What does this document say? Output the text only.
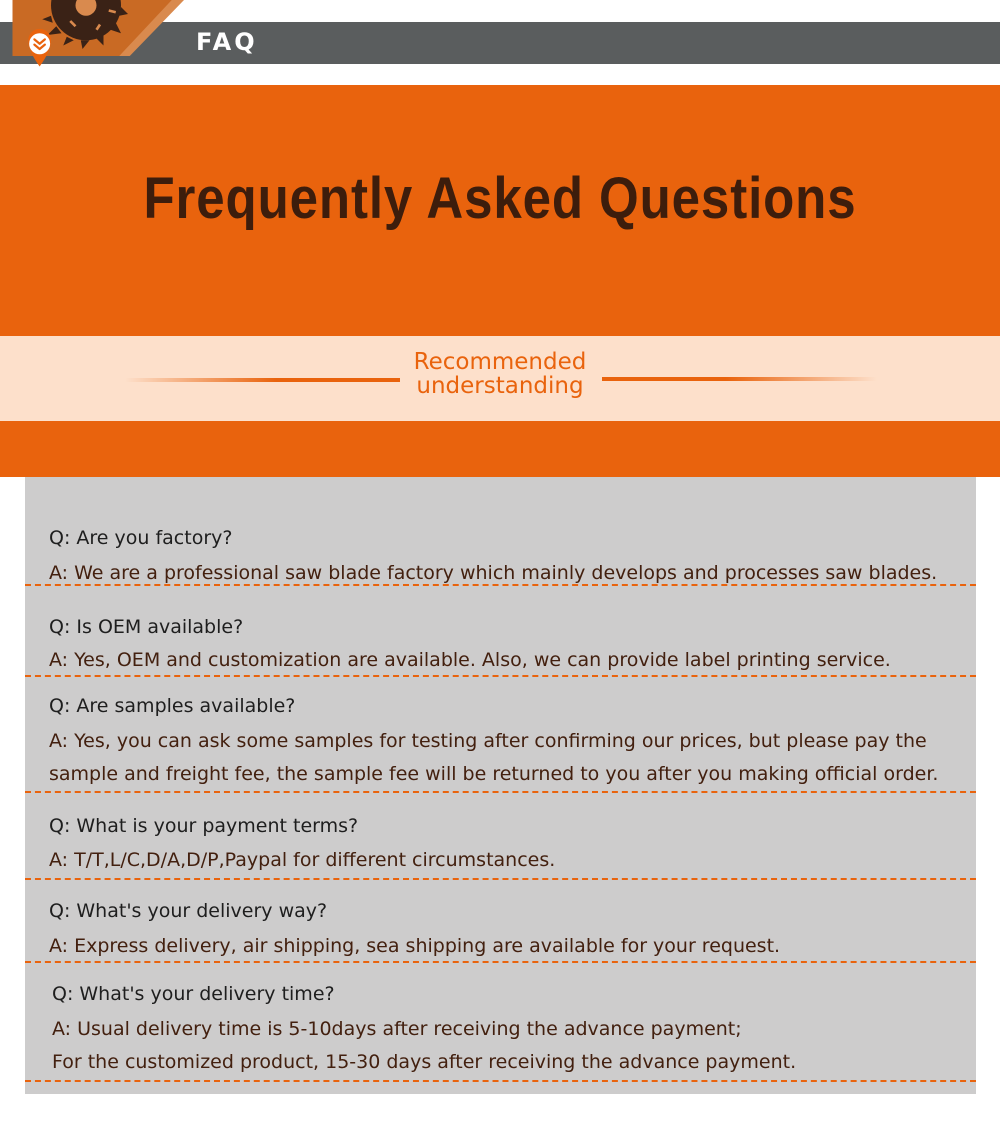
FAQ
Frequently Asked Questions
Recommended
understanding
Q: Are you factory?
A: We are a professional saw blade factory which mainly develops and processes saw blades.
Q: Is OEM available?
A: Yes, OEM and customization are available. Also, we can provide label printing service.
Q: Are samples available?
A: Yes, you can ask some samples for testing after confirming our prices, but please pay the sample and freight fee, the sample fee will be returned to you after you making official order.
Q: What is your payment terms?
A: T/T,L/C,D/A,D/P,Paypal for different circumstances.
Q: What's your delivery way?
A: Express delivery, air shipping, sea shipping are available for your request.
Q: What's your delivery time?
A: Usual delivery time is 5-10days after receiving the advance payment;
For the customized product, 15-30 days after receiving the advance payment.
